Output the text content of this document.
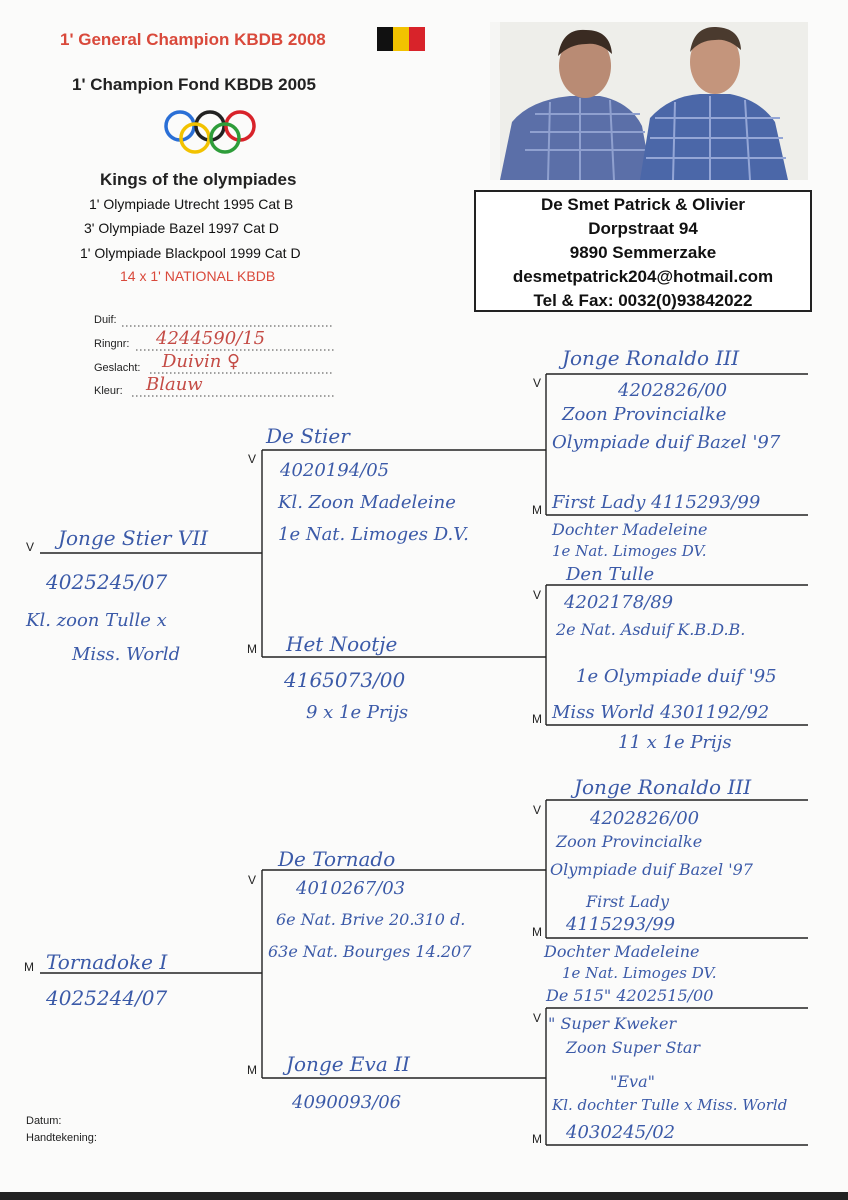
1' General Champion KBDB 2008
1' Champion Fond KBDB 2005
Kings of the olympiades
1' Olympiade Utrecht 1995 Cat B
3' Olympiade Bazel 1997 Cat D
1' Olympiade Blackpool 1999 Cat D
14 x 1' NATIONAL KBDB
De Smet Patrick & Olivier
Dorpstraat 94
9890 Semmerzake
desmetpatrick204@hotmail.com
Tel & Fax: 0032(0)93842022
Duif:
Ringnr:
Geslacht:
Kleur:
4244590/15
Duivin ♀
Blauw
V
M
V
M
V
M
V
M
V
M
V
M
V
M
Jonge Stier VII
4025245/07
Kl. zoon Tulle x
Miss. World
Tornadoke I
4025244/07
De Stier
4020194/05
Kl. Zoon Madeleine
1e Nat. Limoges D.V.
Het Nootje
4165073/00
9 x 1e Prijs
De Tornado
4010267/03
6e Nat. Brive 20.310 d.
63e Nat. Bourges 14.207
Jonge Eva II
4090093/06
Jonge Ronaldo III
4202826/00
Zoon Provincialke
Olympiade duif Bazel '97
First Lady 4115293/99
Dochter Madeleine
1e Nat. Limoges DV.
Den Tulle
4202178/89
2e Nat. Asduif K.B.D.B.
1e Olympiade duif '95
Miss World 4301192/92
11 x 1e Prijs
Jonge Ronaldo III
4202826/00
Zoon Provincialke
Olympiade duif Bazel '97
First Lady
4115293/99
Dochter Madeleine
1e Nat. Limoges DV.
De 515" 4202515/00
" Super Kweker
Zoon Super Star
"Eva"
Kl. dochter Tulle x Miss. World
4030245/02
Datum:
Handtekening:
